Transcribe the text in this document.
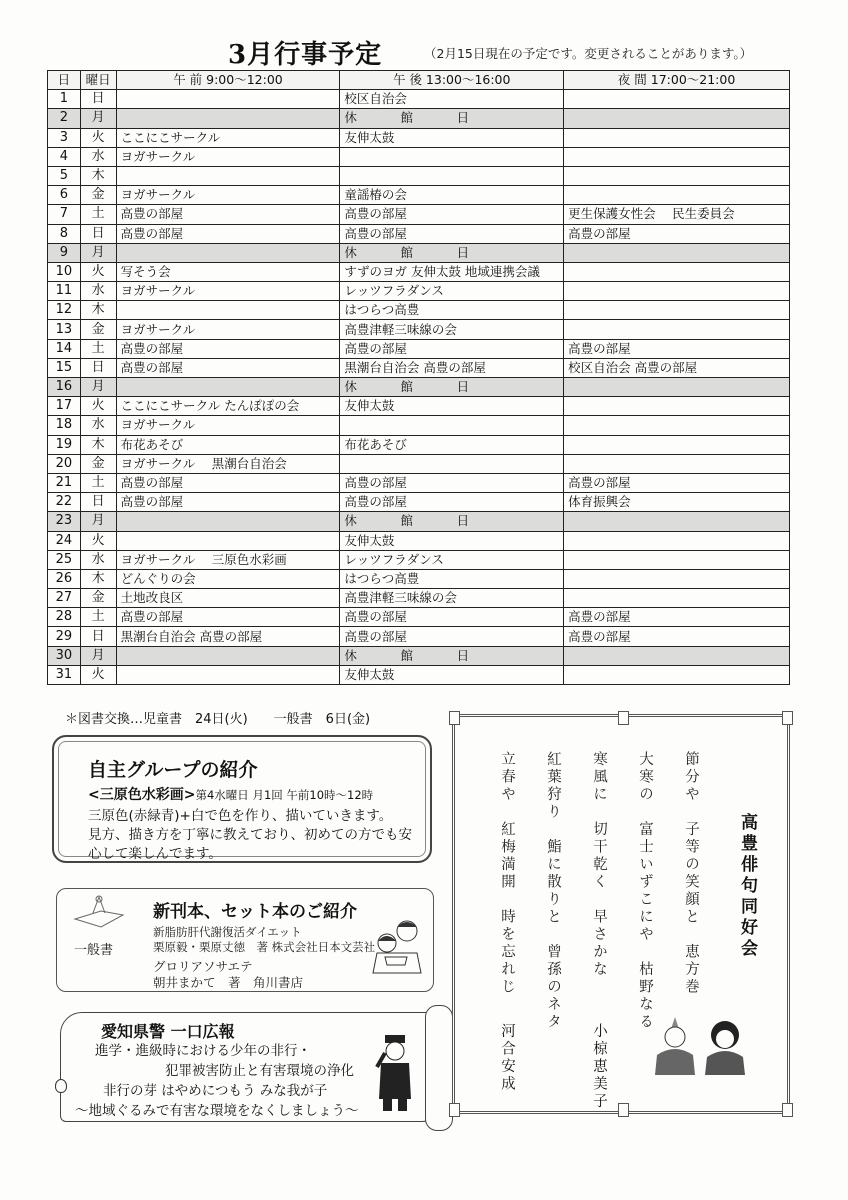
3月行事予定	（2月15日現在の予定です。変更されることがあります。）
日	曜日	午 前 9:00～12:00	午 後 13:00～16:00	夜 間 17:00～21:00
1	日		校区自治会	
2	月		休 館 日	

3	火	ここにこサークル	友伸太鼓	
4	水	ヨガサークル		
5	木			
6	金	ヨガサークル	童謡椿の会	
7	土	高豊の部屋	高豊の部屋	更生保護女性会　 民生委員会
8	日	高豊の部屋	高豊の部屋	高豊の部屋
9	月		休 館 日	

10	火	写そう会	すずのヨガ 友伸太鼓 地域連携会議	
11	水	ヨガサークル	レッツフラダンス	
12	木		はつらつ高豊	
13	金	ヨガサークル	高豊津軽三味線の会	
14	土	高豊の部屋	高豊の部屋	高豊の部屋
15	日	高豊の部屋	黒潮台自治会 高豊の部屋	校区自治会 高豊の部屋
16	月		休 館 日	

17	火	ここにこサークル たんぽぽの会	友伸太鼓	
18	水	ヨガサークル		
19	木	布花あそび	布花あそび	
20	金	ヨガサークル　 黒潮台自治会		
21	土	高豊の部屋	高豊の部屋	高豊の部屋
22	日	高豊の部屋	高豊の部屋	体育振興会
23	月		休 館 日	

24	火		友伸太鼓	
25	水	ヨガサークル　 三原色水彩画	レッツフラダンス	
26	木	どんぐりの会	はつらつ高豊	
27	金	土地改良区	高豊津軽三味線の会	
28	土	高豊の部屋	高豊の部屋	高豊の部屋
29	日	黒潮台自治会 高豊の部屋	高豊の部屋	高豊の部屋
30	月		休 館 日	

31	火		友伸太鼓	
＊図書交換…児童書　24日(火)　　一般書　6日(金)
自主グループの紹介
<三原色水彩画>第4水曜日 月1回 午前10時～12時
三原色(赤緑青)+白で色を作り、描いていきます。
見方、描き方を丁寧に教えており、初めての方でも安
心して楽しんでます。
新刊本、セット本のご紹介
一般書
新脂肪肝代謝復活ダイエット
栗原毅・栗原丈徳　著 株式会社日本文芸社
グロリアソサエテ
朝井まかて　著　角川書店
愛知県警 一口広報
進学・進級時における少年の非行・
犯罪被害防止と有害環境の浄化
非行の芽 はやめにつもう みな我が子
～地域ぐるみで有害な環境をなくしましょう～
高豊俳句同好会
節分や　子等の笑顔と　恵方巻
大寒の　富士いずこにや　枯野なる
寒風に　切干乾く　早さかな
紅葉狩り　鮨に散りと　曾孫のネタ
立春や　紅梅満開　時を忘れじ
小椋恵美子
河合安成
